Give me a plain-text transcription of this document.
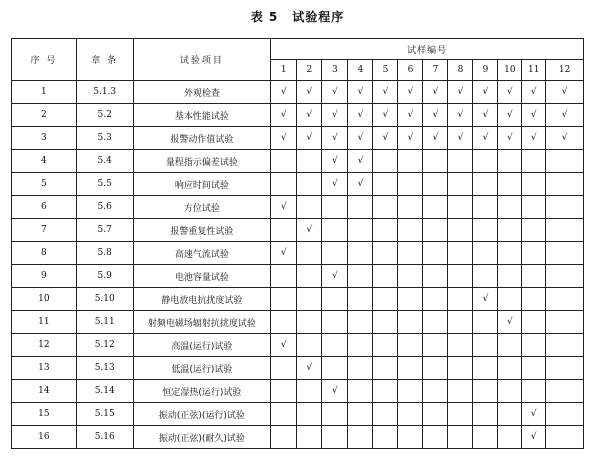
表 5 试验程序
序 号	章 条	试验项目	试样编号											
			1	2	3	4	5	6	7	8	9	10	11	12
1	5.1.3	外观检查	√	√	√	√	√	√	√	√	√	√	√	√
2	5.2	基本性能试验	√	√	√	√	√	√	√	√	√	√	√	√
3	5.3	报警动作值试验	√	√	√	√	√	√	√	√	√	√	√	√
4	5.4	量程指示偏差试验			√	√								
5	5.5	响应时间试验			√	√								
6	5.6	方位试验	√											
7	5.7	报警重复性试验		√										
8	5.8	高速气流试验	√											
9	5.9	电池容量试验			√									
10	5.10	静电放电抗扰度试验									√			
11	5.11	射频电磁场辐射抗扰度试验										√		
12	5.12	高温(运行)试验	√											
13	5.13	低温(运行)试验		√										
14	5.14	恒定湿热(运行)试验			√									
15	5.15	振动(正弦)(运行)试验											√	
16	5.16	振动(正弦)(耐久)试验											√	
